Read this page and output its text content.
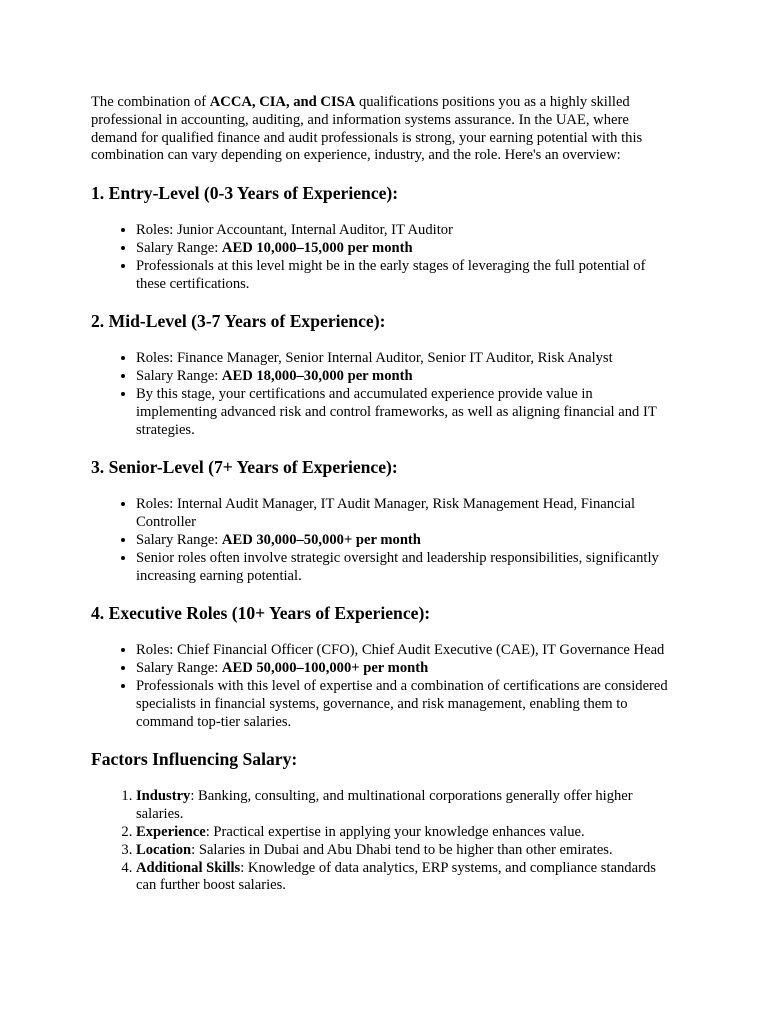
The combination of ACCA, CIA, and CISA qualifications positions you as a highly skilled professional in accounting, auditing, and information systems assurance. In the UAE, where demand for qualified finance and audit professionals is strong, your earning potential with this combination can vary depending on experience, industry, and the role. Here's an overview:

1. Entry-Level (0-3 Years of Experience):
• Roles: Junior Accountant, Internal Auditor, IT Auditor
• Salary Range: AED 10,000–15,000 per month
• Professionals at this level might be in the early stages of leveraging the full potential of these certifications.
2. Mid-Level (3-7 Years of Experience):
• Roles: Finance Manager, Senior Internal Auditor, Senior IT Auditor, Risk Analyst
• Salary Range: AED 18,000–30,000 per month
• By this stage, your certifications and accumulated experience provide value in implementing advanced risk and control frameworks, as well as aligning financial and IT strategies.
3. Senior-Level (7+ Years of Experience):
• Roles: Internal Audit Manager, IT Audit Manager, Risk Management Head, Financial Controller
• Salary Range: AED 30,000–50,000+ per month
• Senior roles often involve strategic oversight and leadership responsibilities, significantly increasing earning potential.
4. Executive Roles (10+ Years of Experience):
• Roles: Chief Financial Officer (CFO), Chief Audit Executive (CAE), IT Governance Head
• Salary Range: AED 50,000–100,000+ per month
• Professionals with this level of expertise and a combination of certifications are considered specialists in financial systems, governance, and risk management, enabling them to command top-tier salaries.
Factors Influencing Salary:
1. Industry: Banking, consulting, and multinational corporations generally offer higher salaries.
2. Experience: Practical expertise in applying your knowledge enhances value.
3. Location: Salaries in Dubai and Abu Dhabi tend to be higher than other emirates.
4. Additional Skills: Knowledge of data analytics, ERP systems, and compliance standards can further boost salaries.
